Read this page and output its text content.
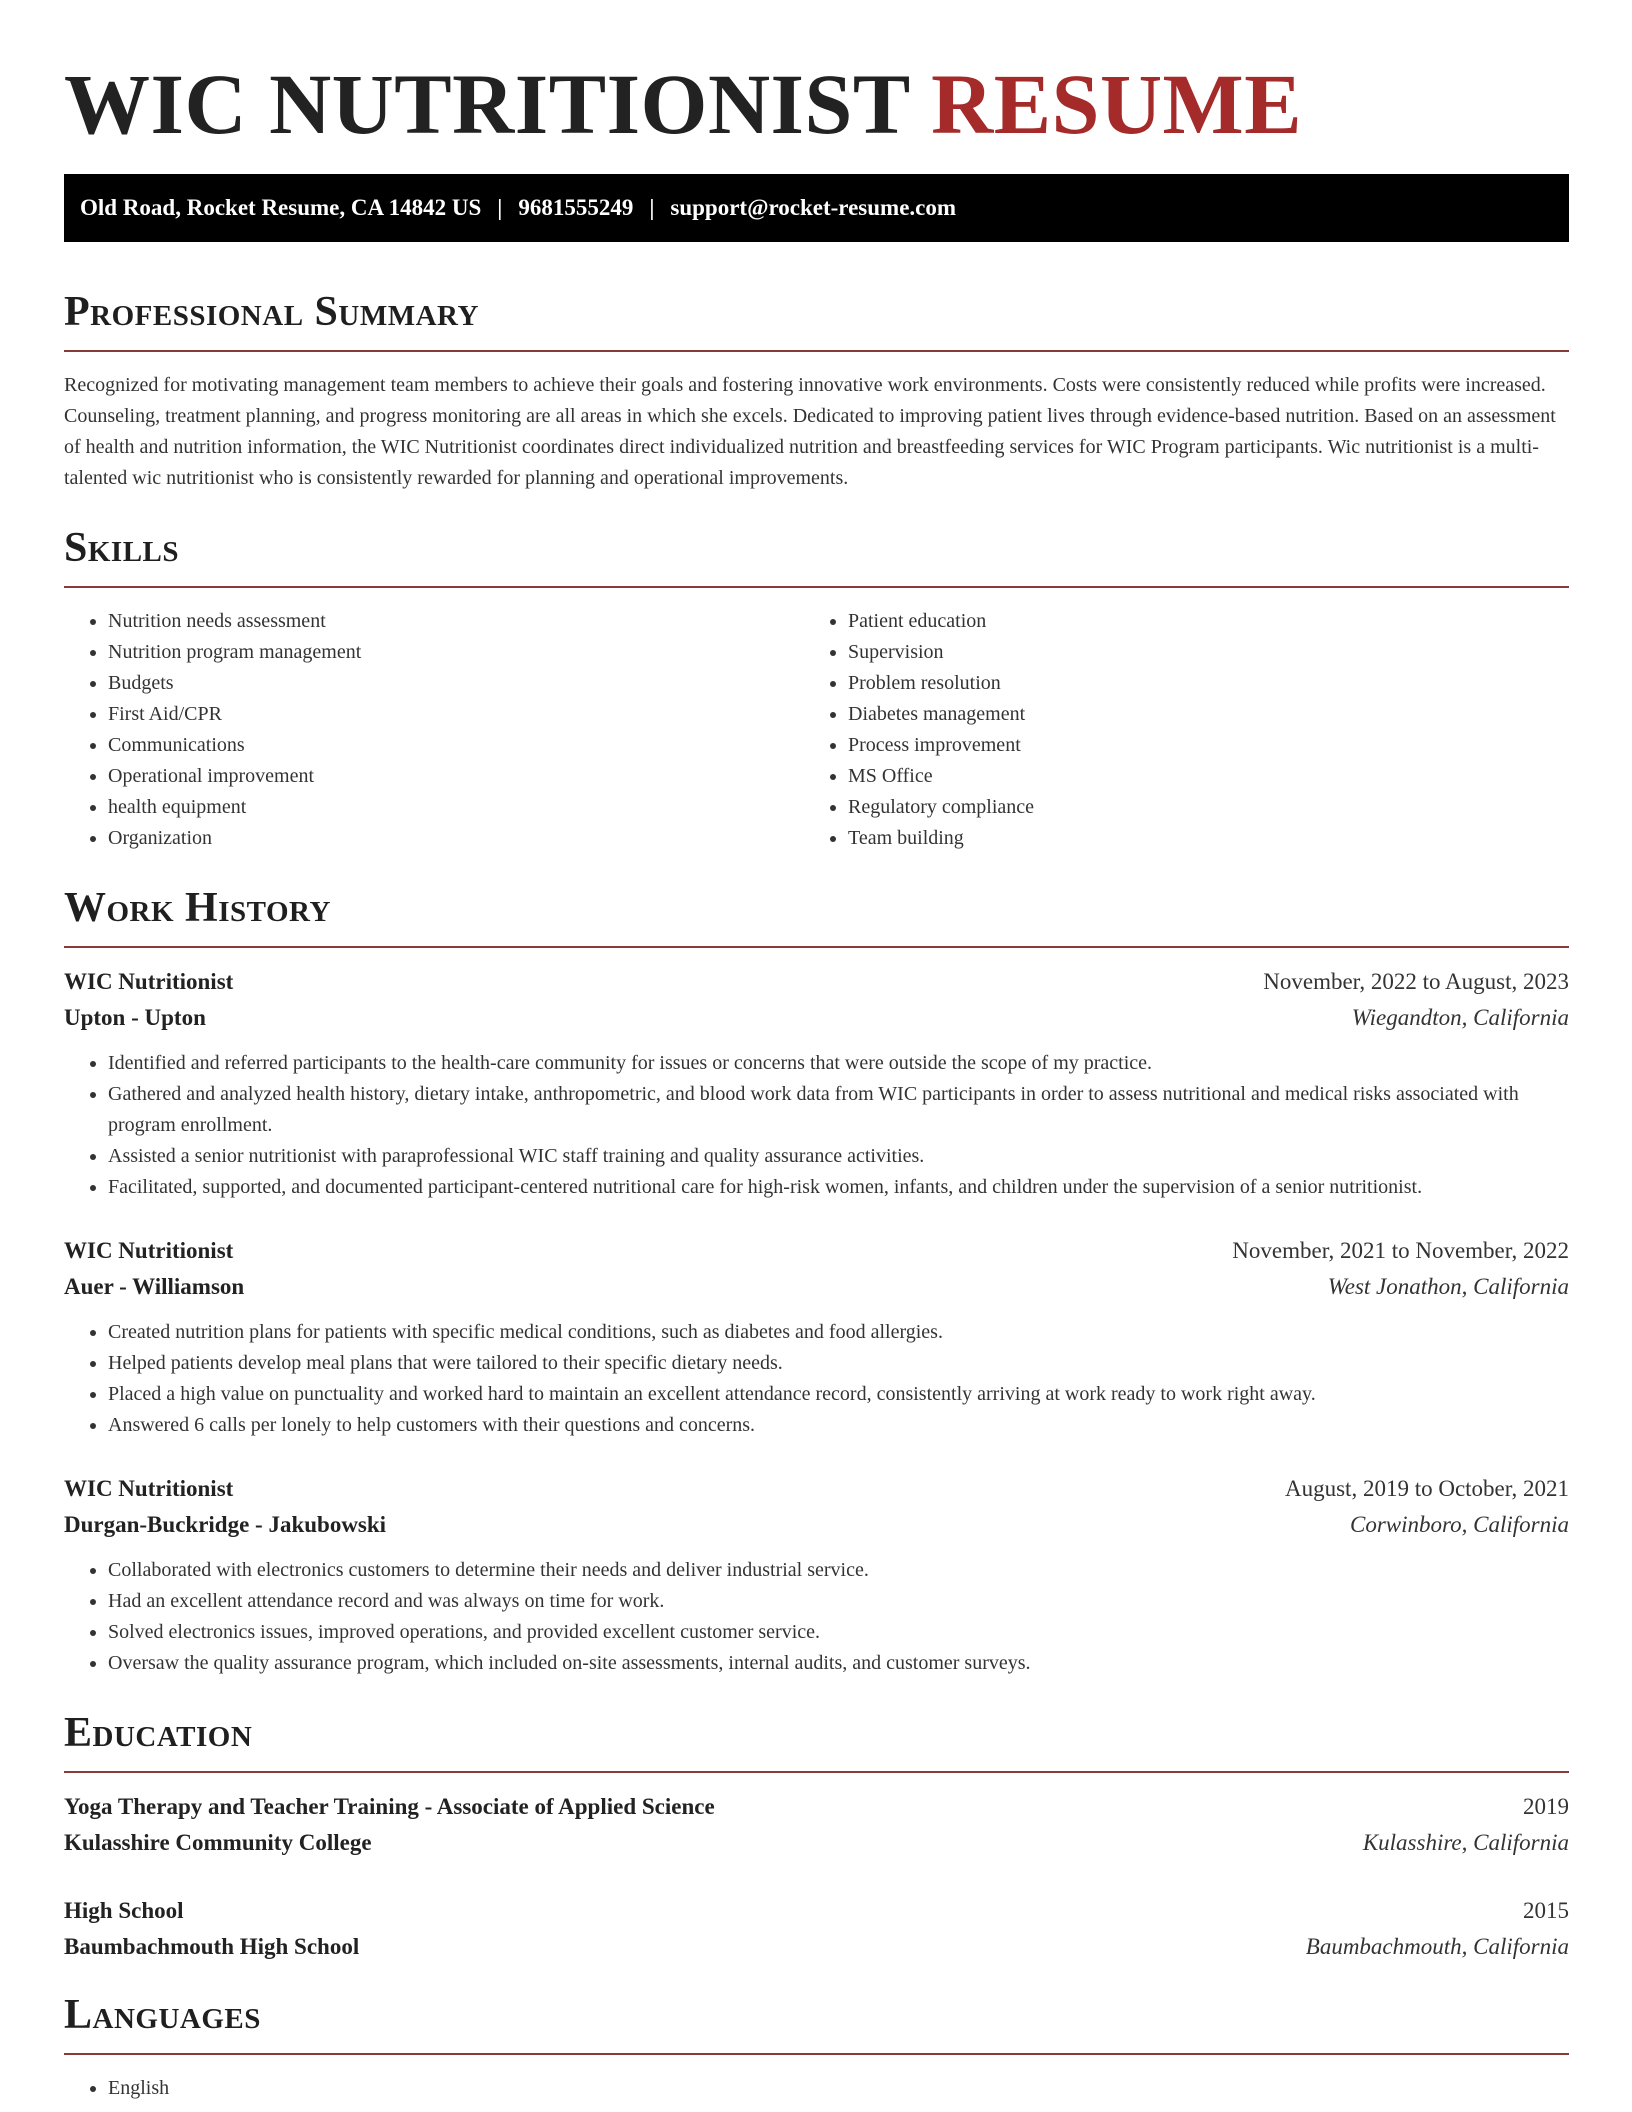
WIC NUTRITIONIST RESUME
Old Road, Rocket Resume, CA 14842 US | 9681555249 | support@rocket-resume.com
Professional Summary

Recognized for motivating management team members to achieve their goals and fostering innovative work environments. Costs were consistently reduced while profits were increased. Counseling, treatment planning, and progress monitoring are all areas in which she excels. Dedicated to improving patient lives through evidence-based nutrition. Based on an assessment of health and nutrition information, the WIC Nutritionist coordinates direct individualized nutrition and breastfeeding services for WIC Program participants. Wic nutritionist is a multi-talented wic nutritionist who is consistently rewarded for planning and operational improvements.

Skills
• Nutrition needs assessment
• Nutrition program management
• Budgets
• First Aid/CPR
• Communications
• Operational improvement
• health equipment
• Organization
• Patient education
• Supervision
• Problem resolution
• Diabetes management
• Process improvement
• MS Office
• Regulatory compliance
• Team building
Work History
WIC Nutritionist	November, 2022 to August, 2023
Upton - Upton	Wiegandton, California
• Identified and referred participants to the health-care community for issues or concerns that were outside the scope of my practice.
• Gathered and analyzed health history, dietary intake, anthropometric, and blood work data from WIC participants in order to assess nutritional and medical risks associated with program enrollment.
• Assisted a senior nutritionist with paraprofessional WIC staff training and quality assurance activities.
• Facilitated, supported, and documented participant-centered nutritional care for high-risk women, infants, and children under the supervision of a senior nutritionist.
WIC Nutritionist	November, 2021 to November, 2022
Auer - Williamson	West Jonathon, California
• Created nutrition plans for patients with specific medical conditions, such as diabetes and food allergies.
• Helped patients develop meal plans that were tailored to their specific dietary needs.
• Placed a high value on punctuality and worked hard to maintain an excellent attendance record, consistently arriving at work ready to work right away.
• Answered 6 calls per lonely to help customers with their questions and concerns.
WIC Nutritionist	August, 2019 to October, 2021
Durgan-Buckridge - Jakubowski	Corwinboro, California
• Collaborated with electronics customers to determine their needs and deliver industrial service.
• Had an excellent attendance record and was always on time for work.
• Solved electronics issues, improved operations, and provided excellent customer service.
• Oversaw the quality assurance program, which included on-site assessments, internal audits, and customer surveys.
Education
Yoga Therapy and Teacher Training - Associate of Applied Science	2019
Kulasshire Community College	Kulasshire, California
High School	2015
Baumbachmouth High School	Baumbachmouth, California
Languages
• English
